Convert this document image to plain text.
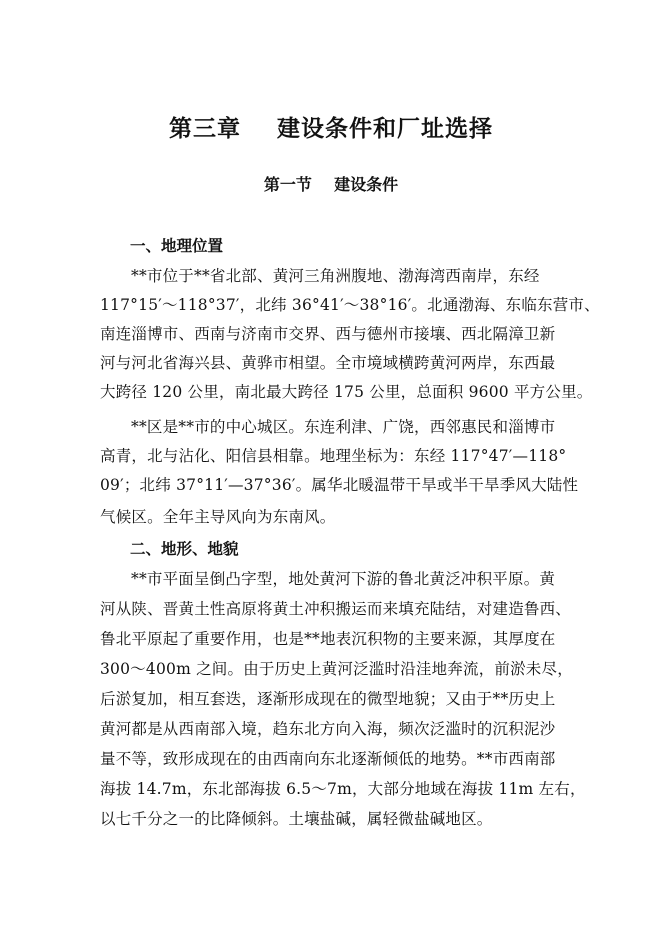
第三章    建设条件和厂址选择
第一节    建设条件
一、地理位置
**市位于**省北部、黄河三角洲腹地、渤海湾西南岸，东经
117°15′～118°37′，北纬 36°41′～38°16′。北通渤海、东临东营市、
南连淄博市、西南与济南市交界、西与德州市接壤、西北隔漳卫新
河与河北省海兴县、黄骅市相望。全市境域横跨黄河两岸，东西最
大跨径 120 公里，南北最大跨径 175 公里，总面积 9600 平方公里。
**区是**市的中心城区。东连利津、广饶，西邻惠民和淄博市
高青，北与沾化、阳信县相靠。地理坐标为：东经 117°47′—118°
09′；北纬 37°11′—37°36′。属华北暖温带干旱或半干旱季风大陆性
气候区。全年主导风向为东南风。
二、地形、地貌
**市平面呈倒凸字型，地处黄河下游的鲁北黄泛冲积平原。黄
河从陕、晋黄土性高原将黄土冲积搬运而来填充陆结，对建造鲁西、
鲁北平原起了重要作用，也是**地表沉积物的主要来源，其厚度在
300～400m 之间。由于历史上黄河泛滥时沿洼地奔流，前淤未尽，
后淤复加，相互套迭，逐渐形成现在的微型地貌；又由于**历史上
黄河都是从西南部入境，趋东北方向入海，频次泛滥时的沉积泥沙
量不等，致形成现在的由西南向东北逐渐倾低的地势。**市西南部
海拔 14.7m，东北部海拔 6.5～7m，大部分地域在海拔 11m 左右，
以七千分之一的比降倾斜。土壤盐碱，属轻微盐碱地区。
